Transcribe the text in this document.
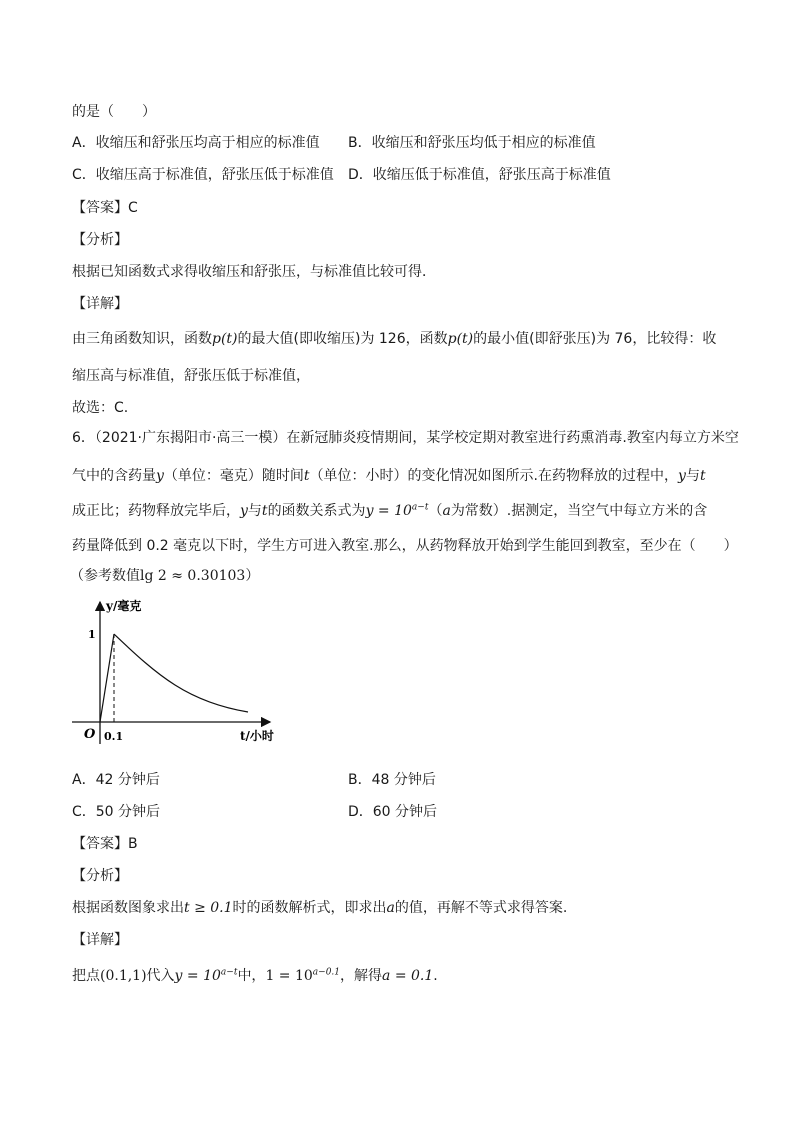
的是（　　）
A．收缩压和舒张压均高于相应的标准值 B．收缩压和舒张压均低于相应的标准值
C．收缩压高于标准值，舒张压低于标准值 D．收缩压低于标准值，舒张压高于标准值
【答案】C
【分析】
根据已知函数式求得收缩压和舒张压，与标准值比较可得．
【详解】
由三角函数知识，函数p(t)的最大值(即收缩压)为 126，函数p(t)的最小值(即舒张压)为 76，比较得：收
缩压高与标准值，舒张压低于标准值，
故选：C.
6．（2021·广东揭阳市·高三一模）在新冠肺炎疫情期间，某学校定期对教室进行药熏消毒.教室内每立方米空
气中的含药量y（单位：毫克）随时间t（单位：小时）的变化情况如图所示.在药物释放的过程中，y与t
成正比；药物释放完毕后，y与t的函数关系式为$y = 10^{a-t}(a$为常数）.据测定，当空气中每立方米的含
药量降低到 0.2 毫克以下时，学生方可进入教室.那么，从药物释放开始到学生能回到教室，至少在（　　）
（参考数值lg 2 ≈ 0.30103）
y/毫克
t/小时
O 0.1
1
A．42 分钟后	B．48 分钟后
C．50 分钟后	D．60 分钟后
【答案】B
【分析】
根据函数图象求出t ≥ 0.1时的函数解析式，即求出a的值，再解不等式求得答案.
【详解】
把点(0.1,1)代入$y = 10^{a-t}$中，$1 = 10^{a-0.1}$，解得a = 0.1.
